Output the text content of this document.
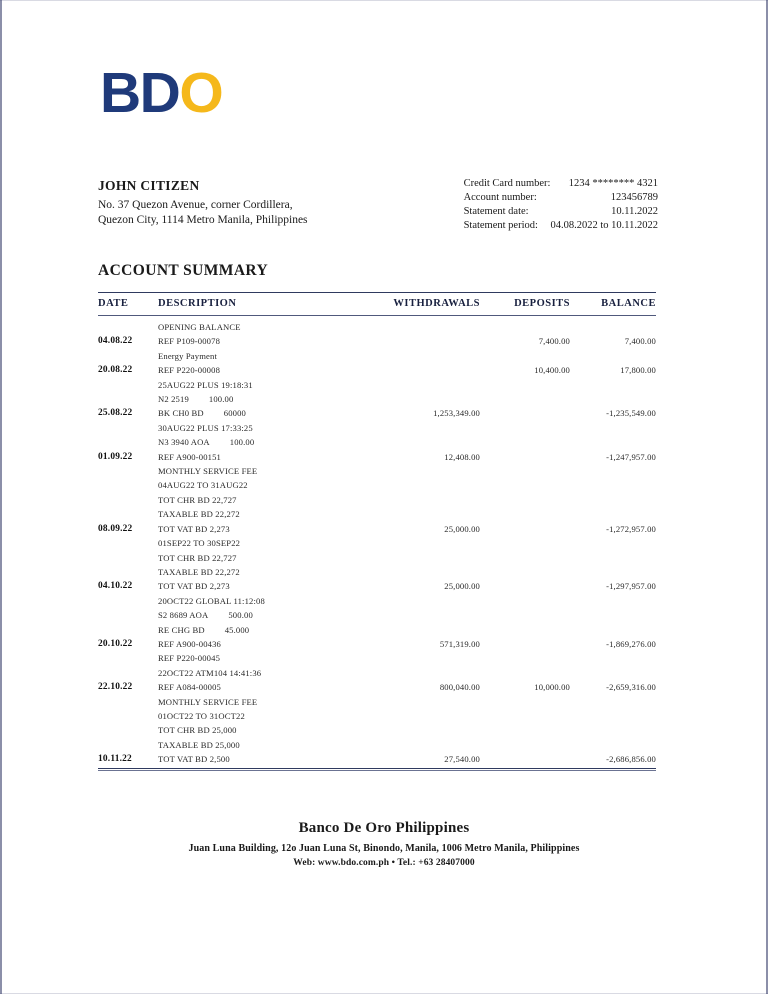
BD O
JOHN CITIZEN
No. 37 Quezon Avenue, corner Cordillera,
Quezon City, 1114 Metro Manila, Philippines
Credit Card number:	1234 ******** 4321
Account number:	123456789
Statement date:	10.11.2022
Statement period:	04.08.2022 to 10.11.2022
ACCOUNT SUMMARY
DATE	DESCRIPTION	WITHDRAWALS	DEPOSITS	BALANCE
	OPENING BALANCE			
04.08.22	REF P109-00078		7,400.00	7,400.00
	Energy Payment			
20.08.22	REF P220-00008		10,400.00	17,800.00
	25AUG22 PLUS 19:18:31			
	N2 2519 100.00			
25.08.22	BK CH0 BD 60000	1,253,349.00		-1,235,549.00
	30AUG22 PLUS 17:33:25			
	N3 3940 AOA 100.00			
01.09.22	REF A900-00151	12,408.00		-1,247,957.00
	MONTHLY SERVICE FEE			
	04AUG22 TO 31AUG22			
	TOT CHR BD 22,727			
	TAXABLE BD 22,272			
08.09.22	TOT VAT BD 2,273	25,000.00		-1,272,957.00
	01SEP22 TO 30SEP22			
	TOT CHR BD 22,727			
	TAXABLE BD 22,272			
04.10.22	TOT VAT BD 2,273	25,000.00		-1,297,957.00
	20OCT22 GLOBAL 11:12:08			
	S2 8689 AOA 500.00			
	RE CHG BD 45.000			
20.10.22	REF A900-00436	571,319.00		-1,869,276.00
	REF P220-00045			
	22OCT22 ATM104 14:41:36			
22.10.22	REF A084-00005	800,040.00	10,000.00	-2,659,316.00
	MONTHLY SERVICE FEE			
	01OCT22 TO 31OCT22			
	TOT CHR BD 25,000			
	TAXABLE BD 25,000			
10.11.22	TOT VAT BD 2,500	27,540.00		-2,686,856.00
Banco De Oro Philippines
Juan Luna Building, 12o Juan Luna St, Binondo, Manila, 1006 Metro Manila, Philippines
Web: www.bdo.com.ph • Tel.: +63 28407000
